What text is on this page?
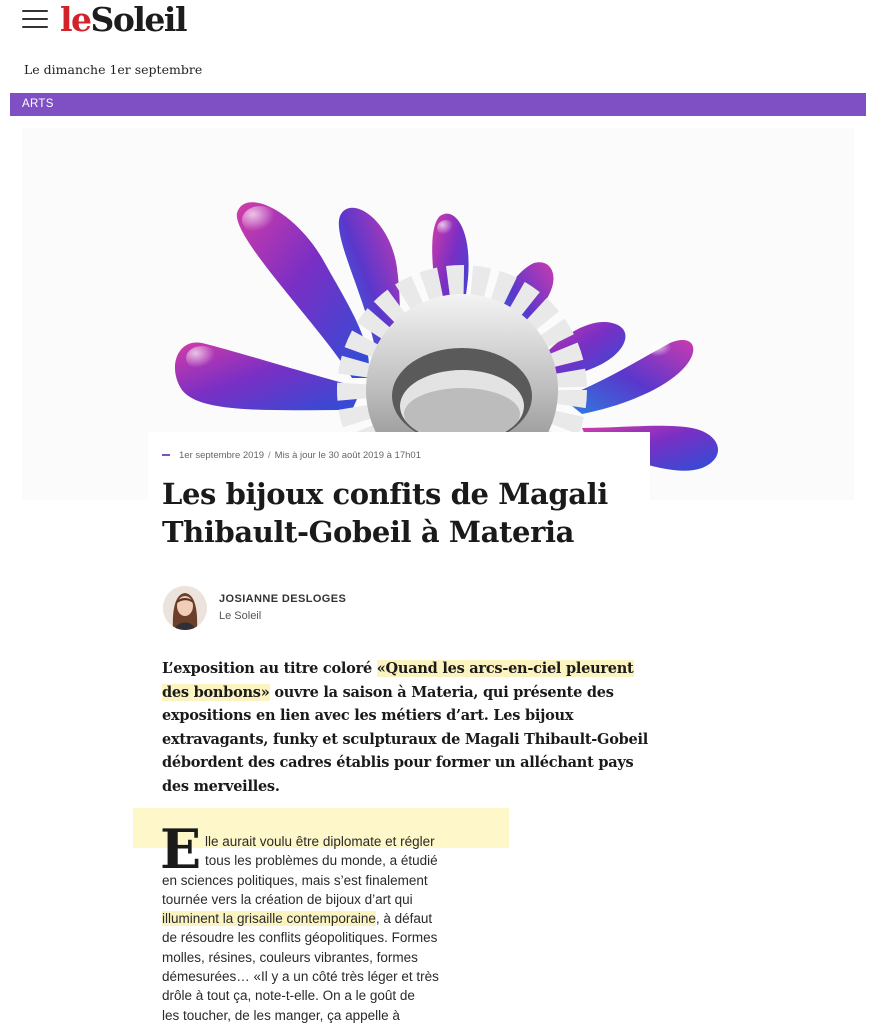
leSoleil
Le dimanche 1er septembre
ARTS
1er septembre 2019 / Mis à jour le 30 août 2019 à 17h01
Les bijoux confits de Magali Thibault-Gobeil à Materia
JOSIANNE DESLOGES
Le Soleil

L’exposition au titre coloré «Quand les arcs-en-ciel pleurent des bonbons» ouvre la saison à Materia, qui présente des expositions en lien avec les métiers d’art. Les bijoux extravagants, funky et sculpturaux de Magali Thibault-Gobeil débordent des cadres établis pour former un alléchant pays des merveilles.

E lle aurait voulu être diplomate et régler
tous les problèmes du monde, a étudié
en sciences politiques, mais s’est finalement
tournée vers la création de bijoux d’art qui
illuminent la grisaille contemporaine, à défaut
de résoudre les conflits géopolitiques. Formes
molles, résines, couleurs vibrantes, formes
démesurées… «Il y a un côté très léger et très
drôle à tout ça, note-t-elle. On a le goût de
les toucher, de les manger, ça appelle à
